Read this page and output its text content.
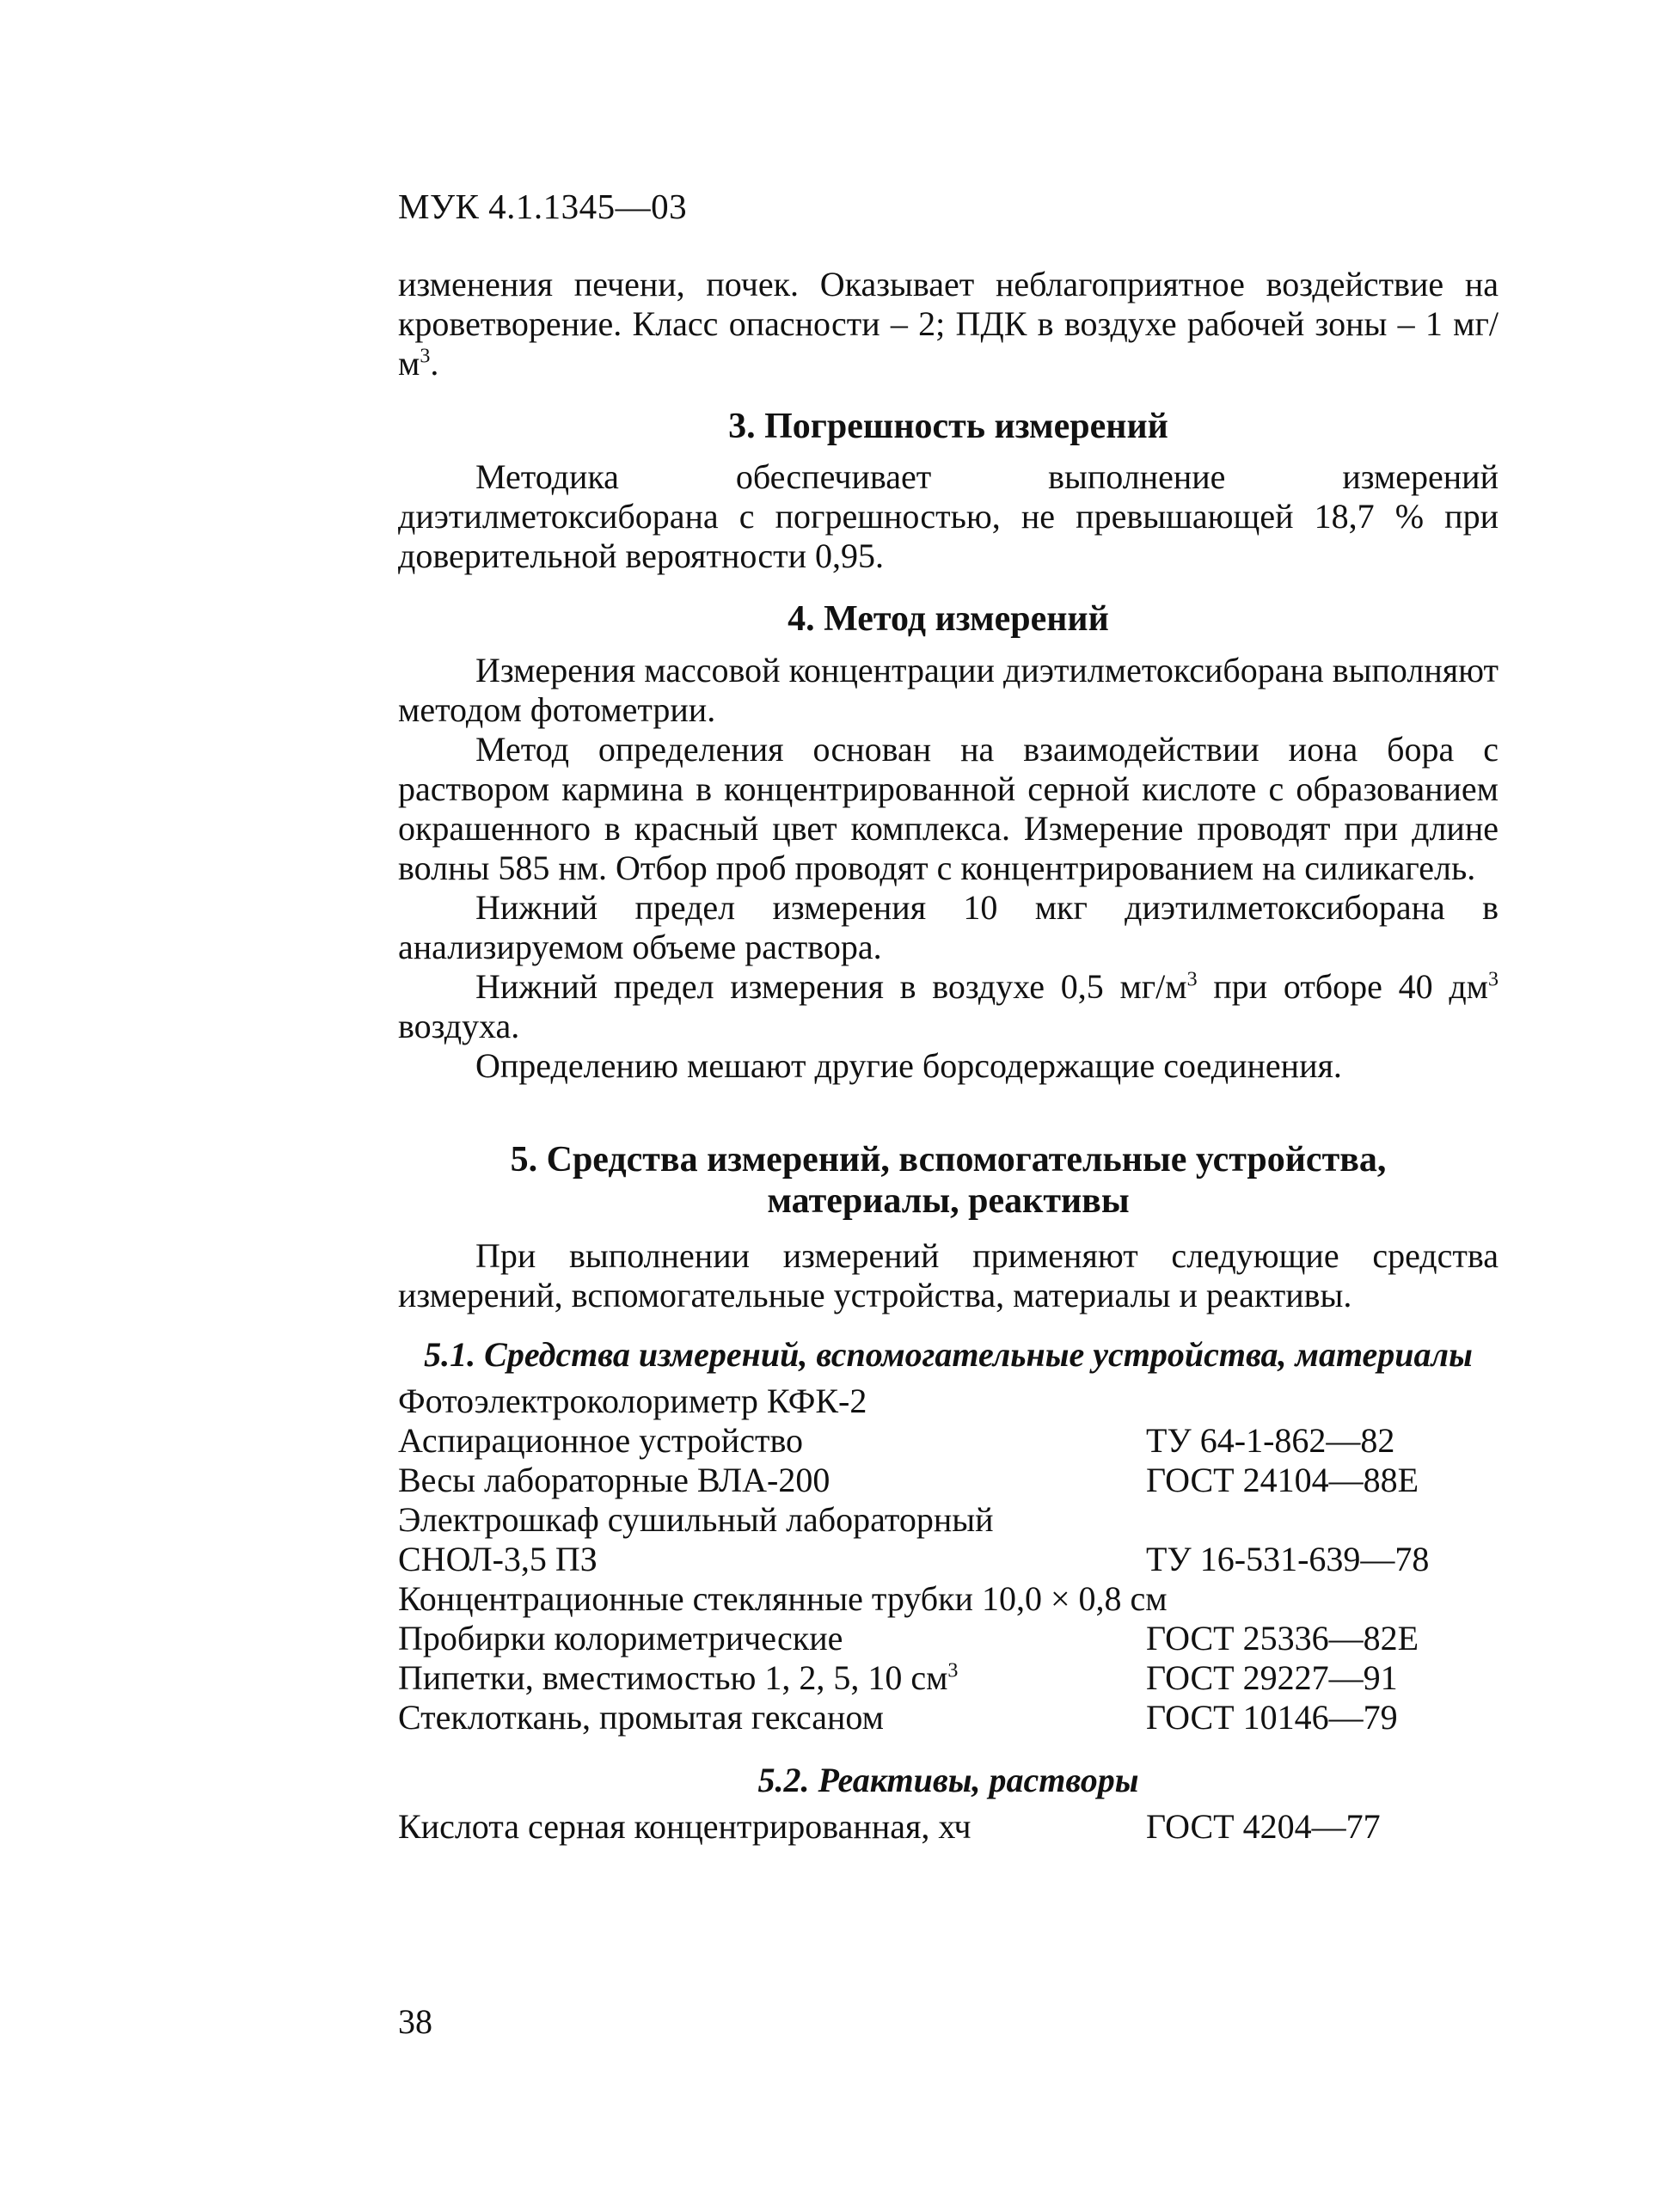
МУК 4.1.1345—03

изменения печени, почек. Оказывает неблагоприятное воздействие на кроветворение. Класс опасности – 2; ПДК в воздухе рабочей зоны – 1 $мг/м^3$.

3. Погрешность измерений

Методика обеспечивает выполнение измерений диэтилметоксиборана с погрешностью, не превышающей 18,7 % при доверительной вероятности 0,95.

4. Метод измерений

Измерения массовой концентрации диэтилметоксиборана выполняют методом фотометрии.

Метод определения основан на взаимодействии иона бора с раствором кармина в концентрированной серной кислоте с образованием окрашенного в красный цвет комплекса. Измерение проводят при длине волны 585 нм. Отбор проб проводят с концентрированием на силикагель.

Нижний предел измерения 10 мкг диэтилметоксиборана в анализируемом объеме раствора.

Нижний предел измерения в воздухе 0,5 $мг/м^3$ при отборе 40 $дм^3$ воздуха.

Определению мешают другие борсодержащие соединения.

5. Средства измерений, вспомогательные устройства,
материалы, реактивы

При выполнении измерений применяют следующие средства измерений, вспомогательные устройства, материалы и реактивы.

5.1. Средства измерений, вспомогательные устройства, материалы
Фотоэлектроколориметр КФК-2
Аспирационное устройство	ТУ 64-1-862—82
Весы лабораторные ВЛА-200	ГОСТ 24104—88Е
Электрошкаф сушильный лабораторный
СНОЛ-3,5 ПЗ	ТУ 16-531-639—78
Концентрационные стеклянные трубки 10,0 × 0,8 см
Пробирки колориметрические	ГОСТ 25336—82Е
Пипетки, вместимостью 1, 2, 5, 10 $см^3$	ГОСТ 29227—91
Стеклоткань, промытая гексаном	ГОСТ 10146—79
5.2. Реактивы, растворы
Кислота серная концентрированная, хч	ГОСТ 4204—77
38
